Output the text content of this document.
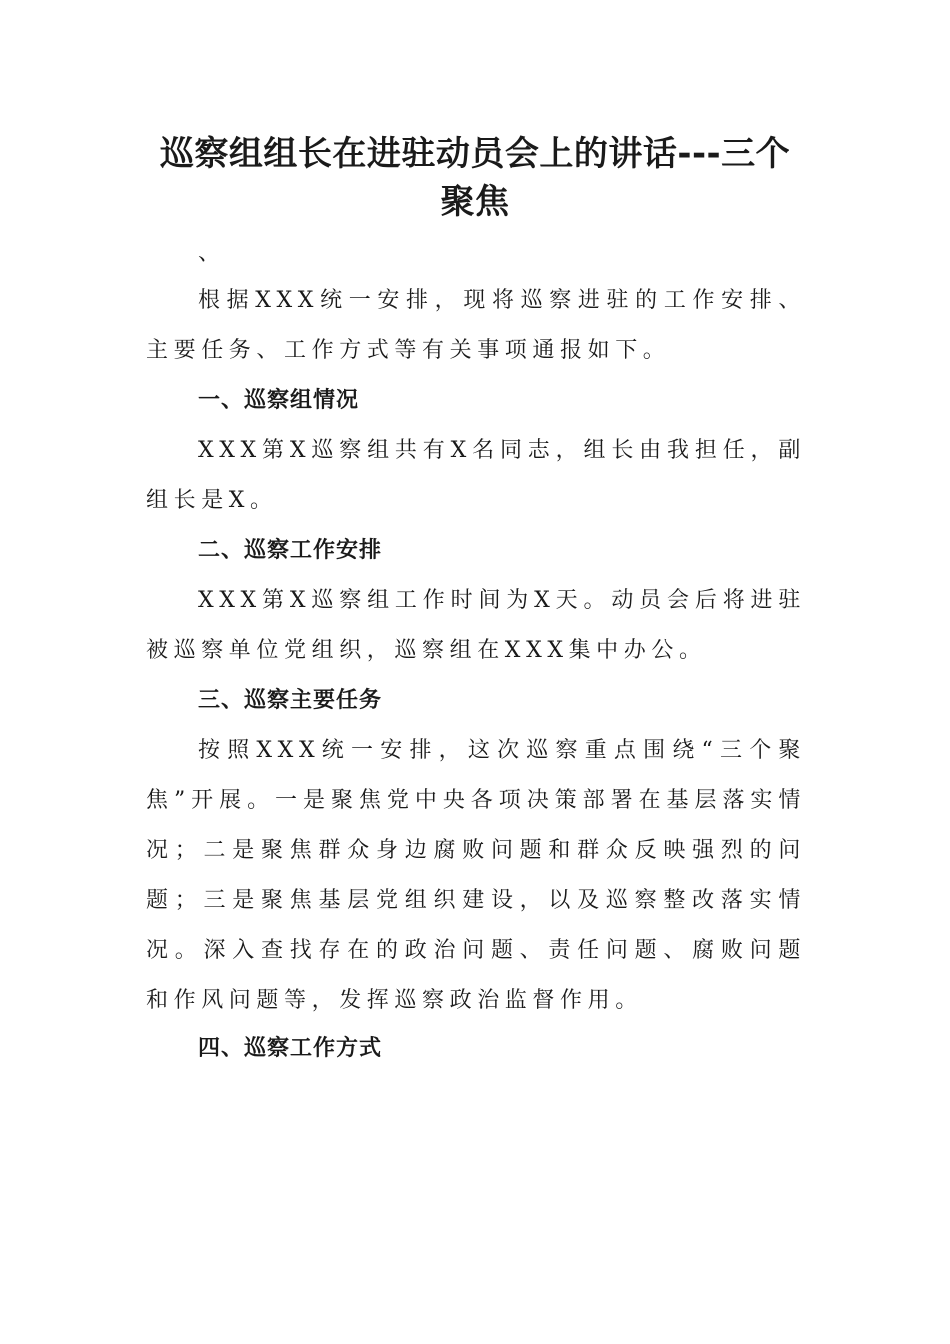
巡察组组长在进驻动员会上的讲话---三个
聚焦
、

根据XXX统一安排，现将巡察进驻的工作安排、主要任务、工作方式等有关事项通报如下。

一、巡察组情况

XXX第X巡察组共有X名同志，组长由我担任，副组长是X。

二、巡察工作安排

XXX第X巡察组工作时间为X天。动员会后将进驻被巡察单位党组织，巡察组在XXX集中办公。

三、巡察主要任务

按照XXX统一安排，这次巡察重点围绕“三个聚焦”开展。一是聚焦党中央各项决策部署在基层落实情况；二是聚焦群众身边腐败问题和群众反映强烈的问题；三是聚焦基层党组织建设，以及巡察整改落实情况。深入查找存在的政治问题、责任问题、腐败问题和作风问题等，发挥巡察政治监督作用。

四、巡察工作方式
